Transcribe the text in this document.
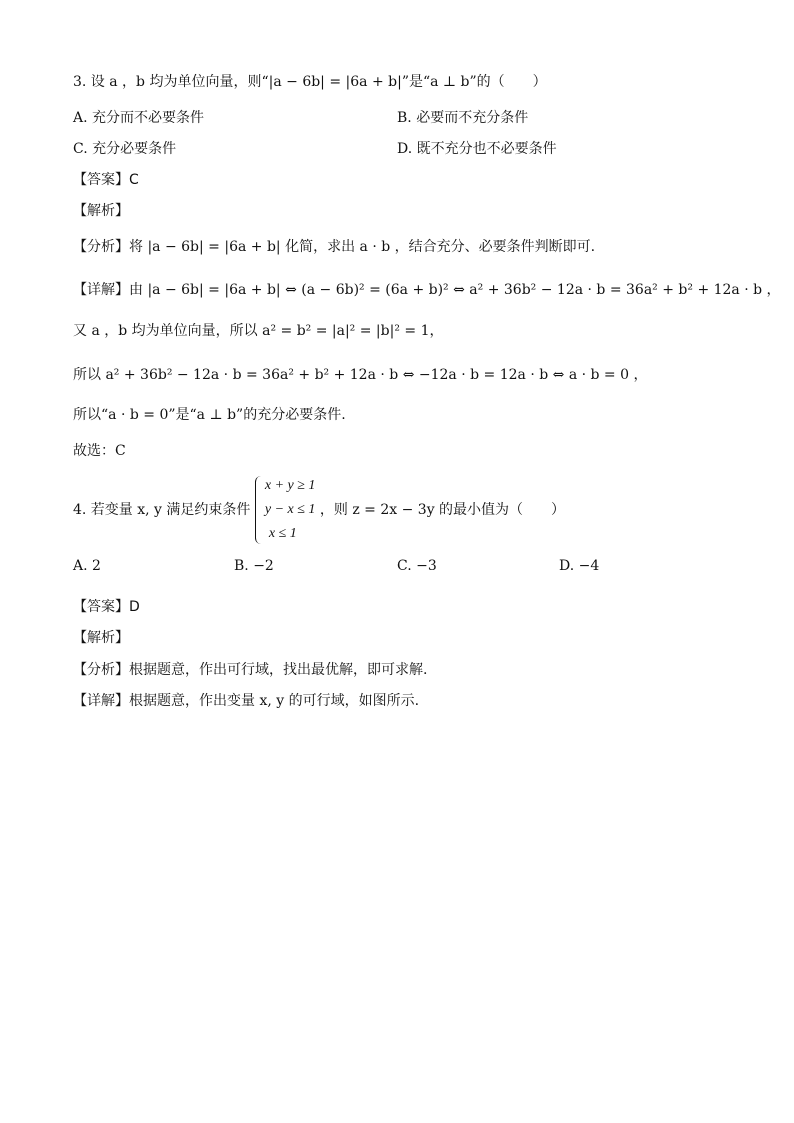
3. 设 a ，b 均为单位向量，则“|a − 6b| = |6a + b|”是“a ⊥ b”的（　　）
A. 充分而不必要条件	B. 必要而不充分条件
C. 充分必要条件	D. 既不充分也不必要条件
【答案】C
【解析】
【分析】将 |a − 6b| = |6a + b| 化简，求出 a · b ，结合充分、必要条件判断即可.
【详解】由 |a − 6b| = |6a + b| ⇔ (a − 6b)² = (6a + b)² ⇔ a² + 36b² − 12a · b = 36a² + b² + 12a · b ，
又 a ，b 均为单位向量，所以 a² = b² = |a|² = |b|² = 1，
所以 a² + 36b² − 12a · b = 36a² + b² + 12a · b ⇔ −12a · b = 12a · b ⇔ a · b = 0 ，
所以“a · b = 0”是“a ⊥ b”的充分必要条件.
故选：C
4. 若变量 x, y 满足约束条件
x + y ≥ 1
y − x ≤ 1
x ≤ 1
，则 z = 2x − 3y 的最小值为（　　）
A. 2	B. −2	C. −3	D. −4
【答案】D
【解析】
【分析】根据题意，作出可行域，找出最优解，即可求解.
【详解】根据题意，作出变量 x, y 的可行域，如图所示.
